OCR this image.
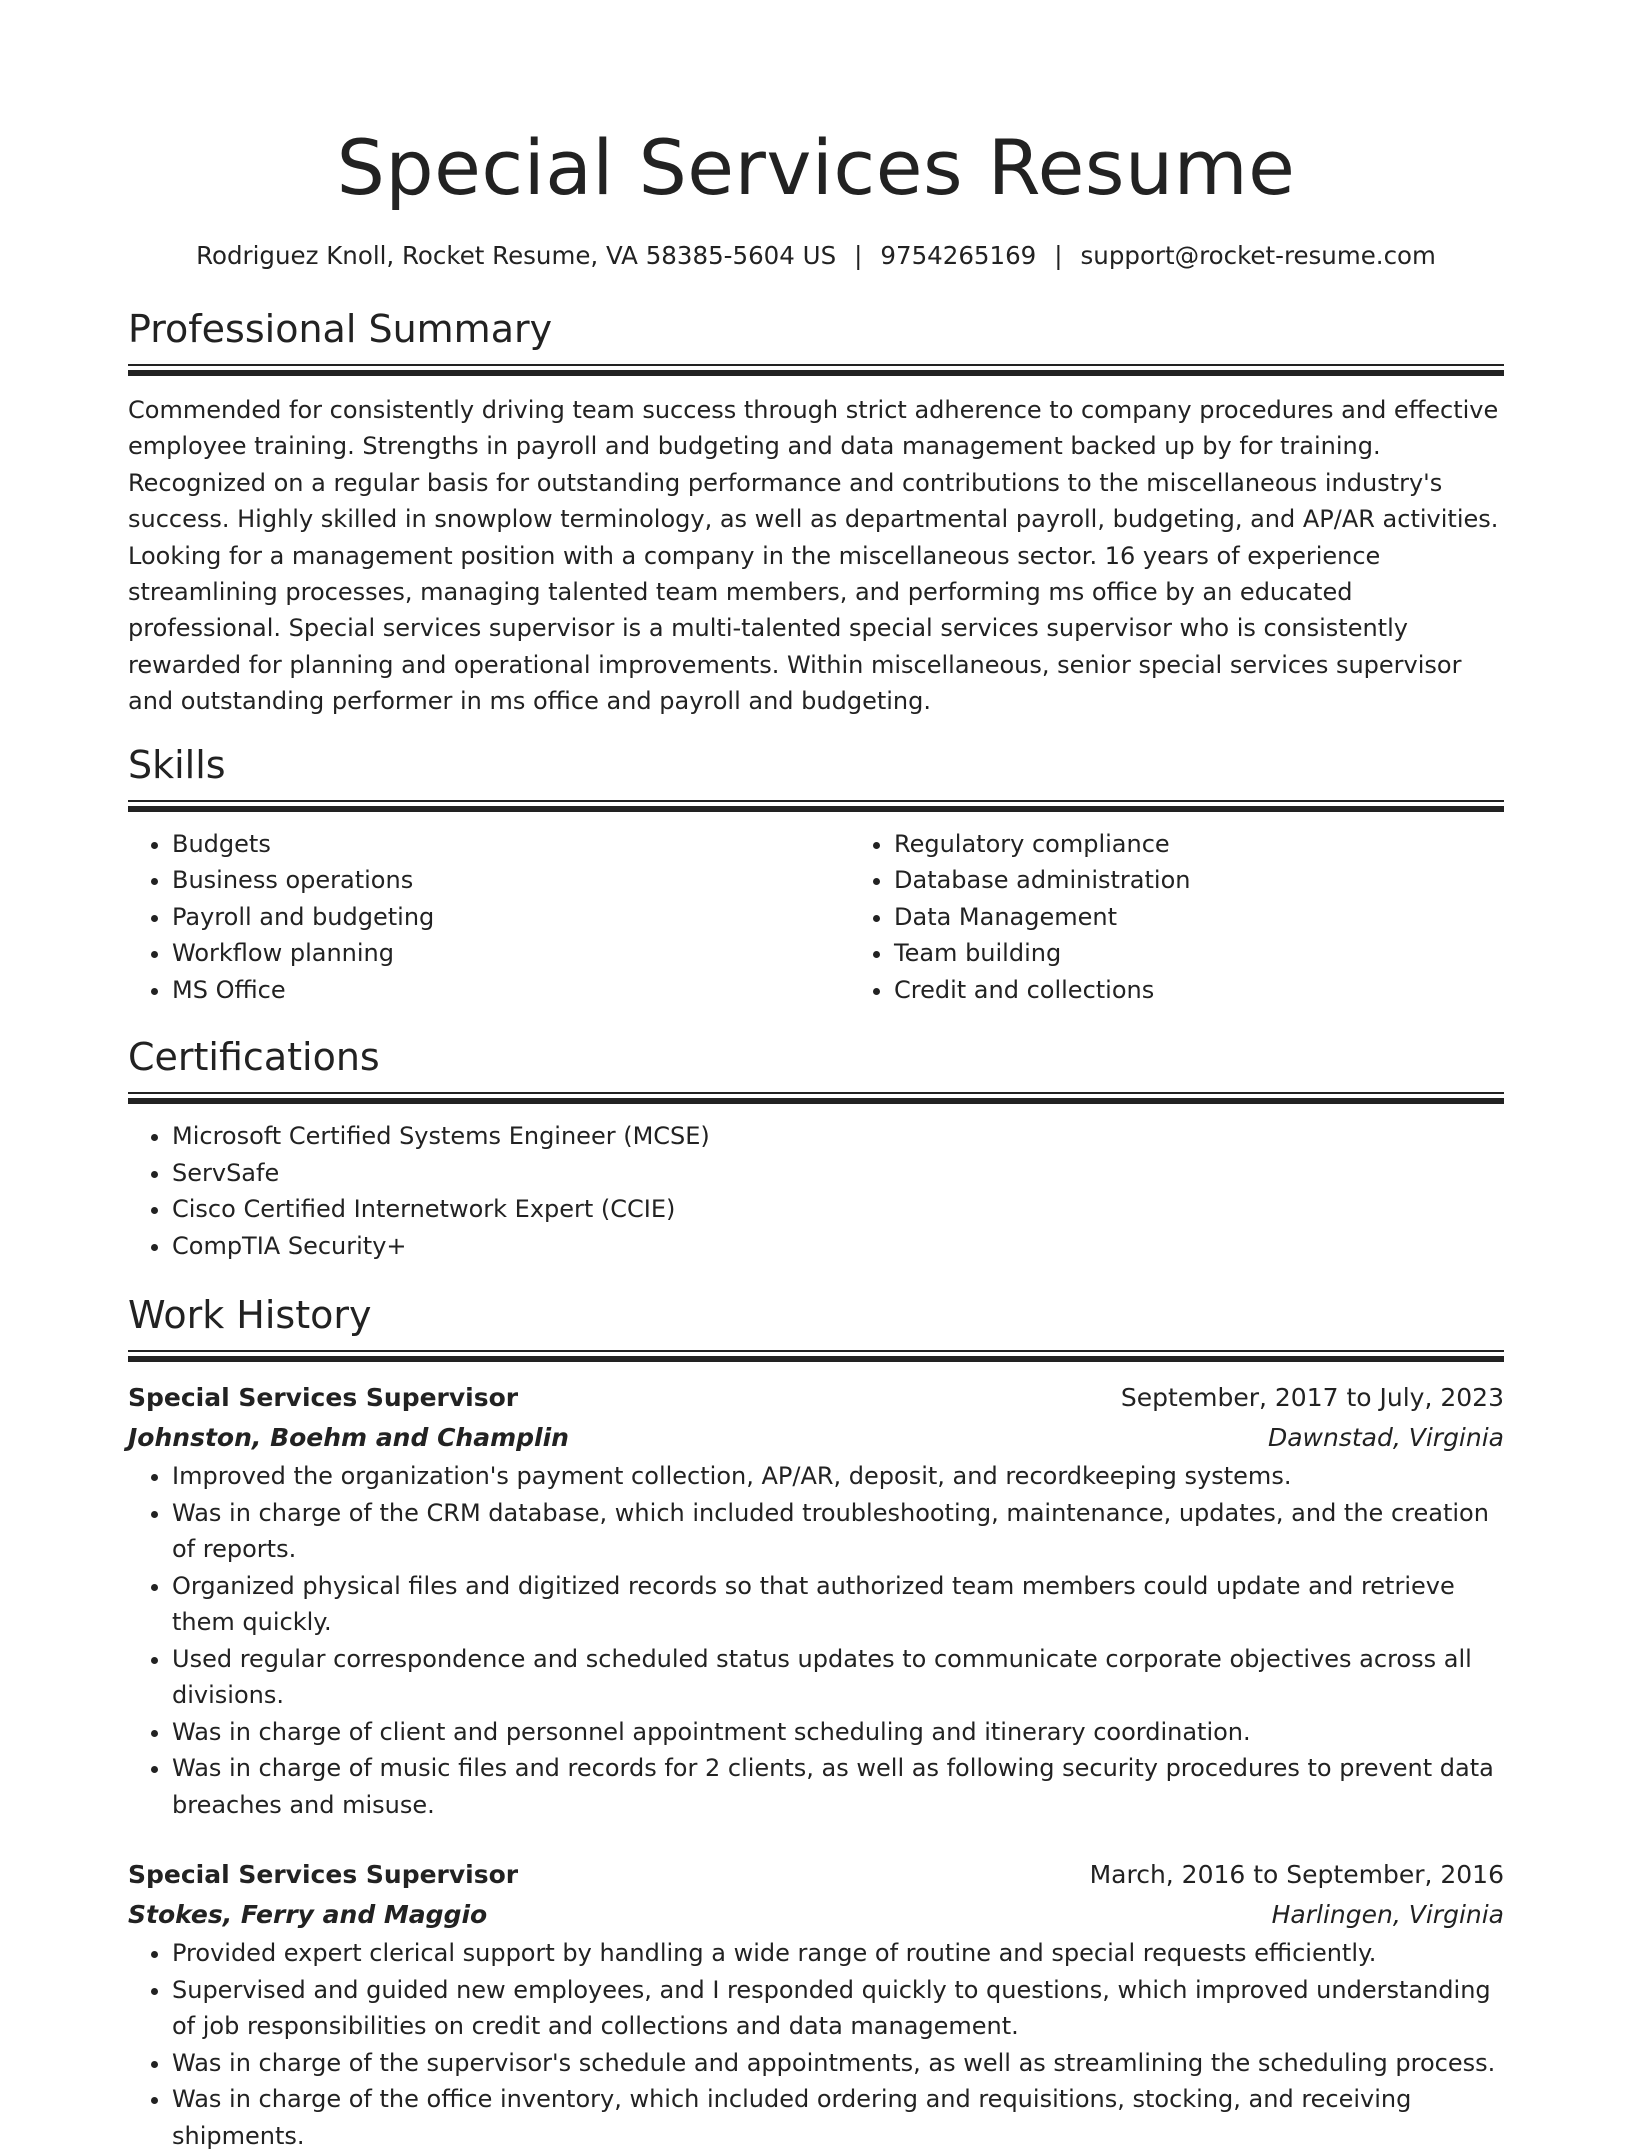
Special Services Resume
Rodriguez Knoll, Rocket Resume, VA 58385-5604 US | 9754265169 | support@rocket-resume.com
Professional Summary

Commended for consistently driving team success through strict adherence to company procedures and effective employee training. Strengths in payroll and budgeting and data management backed up by for training. Recognized on a regular basis for outstanding performance and contributions to the miscellaneous industry's success. Highly skilled in snowplow terminology, as well as departmental payroll, budgeting, and AP/AR activities. Looking for a management position with a company in the miscellaneous sector. 16 years of experience streamlining processes, managing talented team members, and performing ms office by an educated professional. Special services supervisor is a multi-talented special services supervisor who is consistently rewarded for planning and operational improvements. Within miscellaneous, senior special services supervisor and outstanding performer in ms office and payroll and budgeting.

Skills
• Budgets
• Business operations
• Payroll and budgeting
• Workflow planning
• MS Office
• Regulatory compliance
• Database administration
• Data Management
• Team building
• Credit and collections
Certifications
• Microsoft Certified Systems Engineer (MCSE)
• ServSafe
• Cisco Certified Internetwork Expert (CCIE)
• CompTIA Security+
Work History
Special Services Supervisor	September, 2017 to July, 2023
Johnston, Boehm and Champlin	Dawnstad, Virginia
• Improved the organization's payment collection, AP/AR, deposit, and recordkeeping systems.
• Was in charge of the CRM database, which included troubleshooting, maintenance, updates, and the creation of reports.
• Organized physical files and digitized records so that authorized team members could update and retrieve them quickly.
• Used regular correspondence and scheduled status updates to communicate corporate objectives across all divisions.
• Was in charge of client and personnel appointment scheduling and itinerary coordination.
• Was in charge of music files and records for 2 clients, as well as following security procedures to prevent data breaches and misuse.
Special Services Supervisor	March, 2016 to September, 2016
Stokes, Ferry and Maggio	Harlingen, Virginia
• Provided expert clerical support by handling a wide range of routine and special requests efficiently.
• Supervised and guided new employees, and I responded quickly to questions, which improved understanding of job responsibilities on credit and collections and data management.
• Was in charge of the supervisor's schedule and appointments, as well as streamlining the scheduling process.
• Was in charge of the office inventory, which included ordering and requisitions, stocking, and receiving shipments.
